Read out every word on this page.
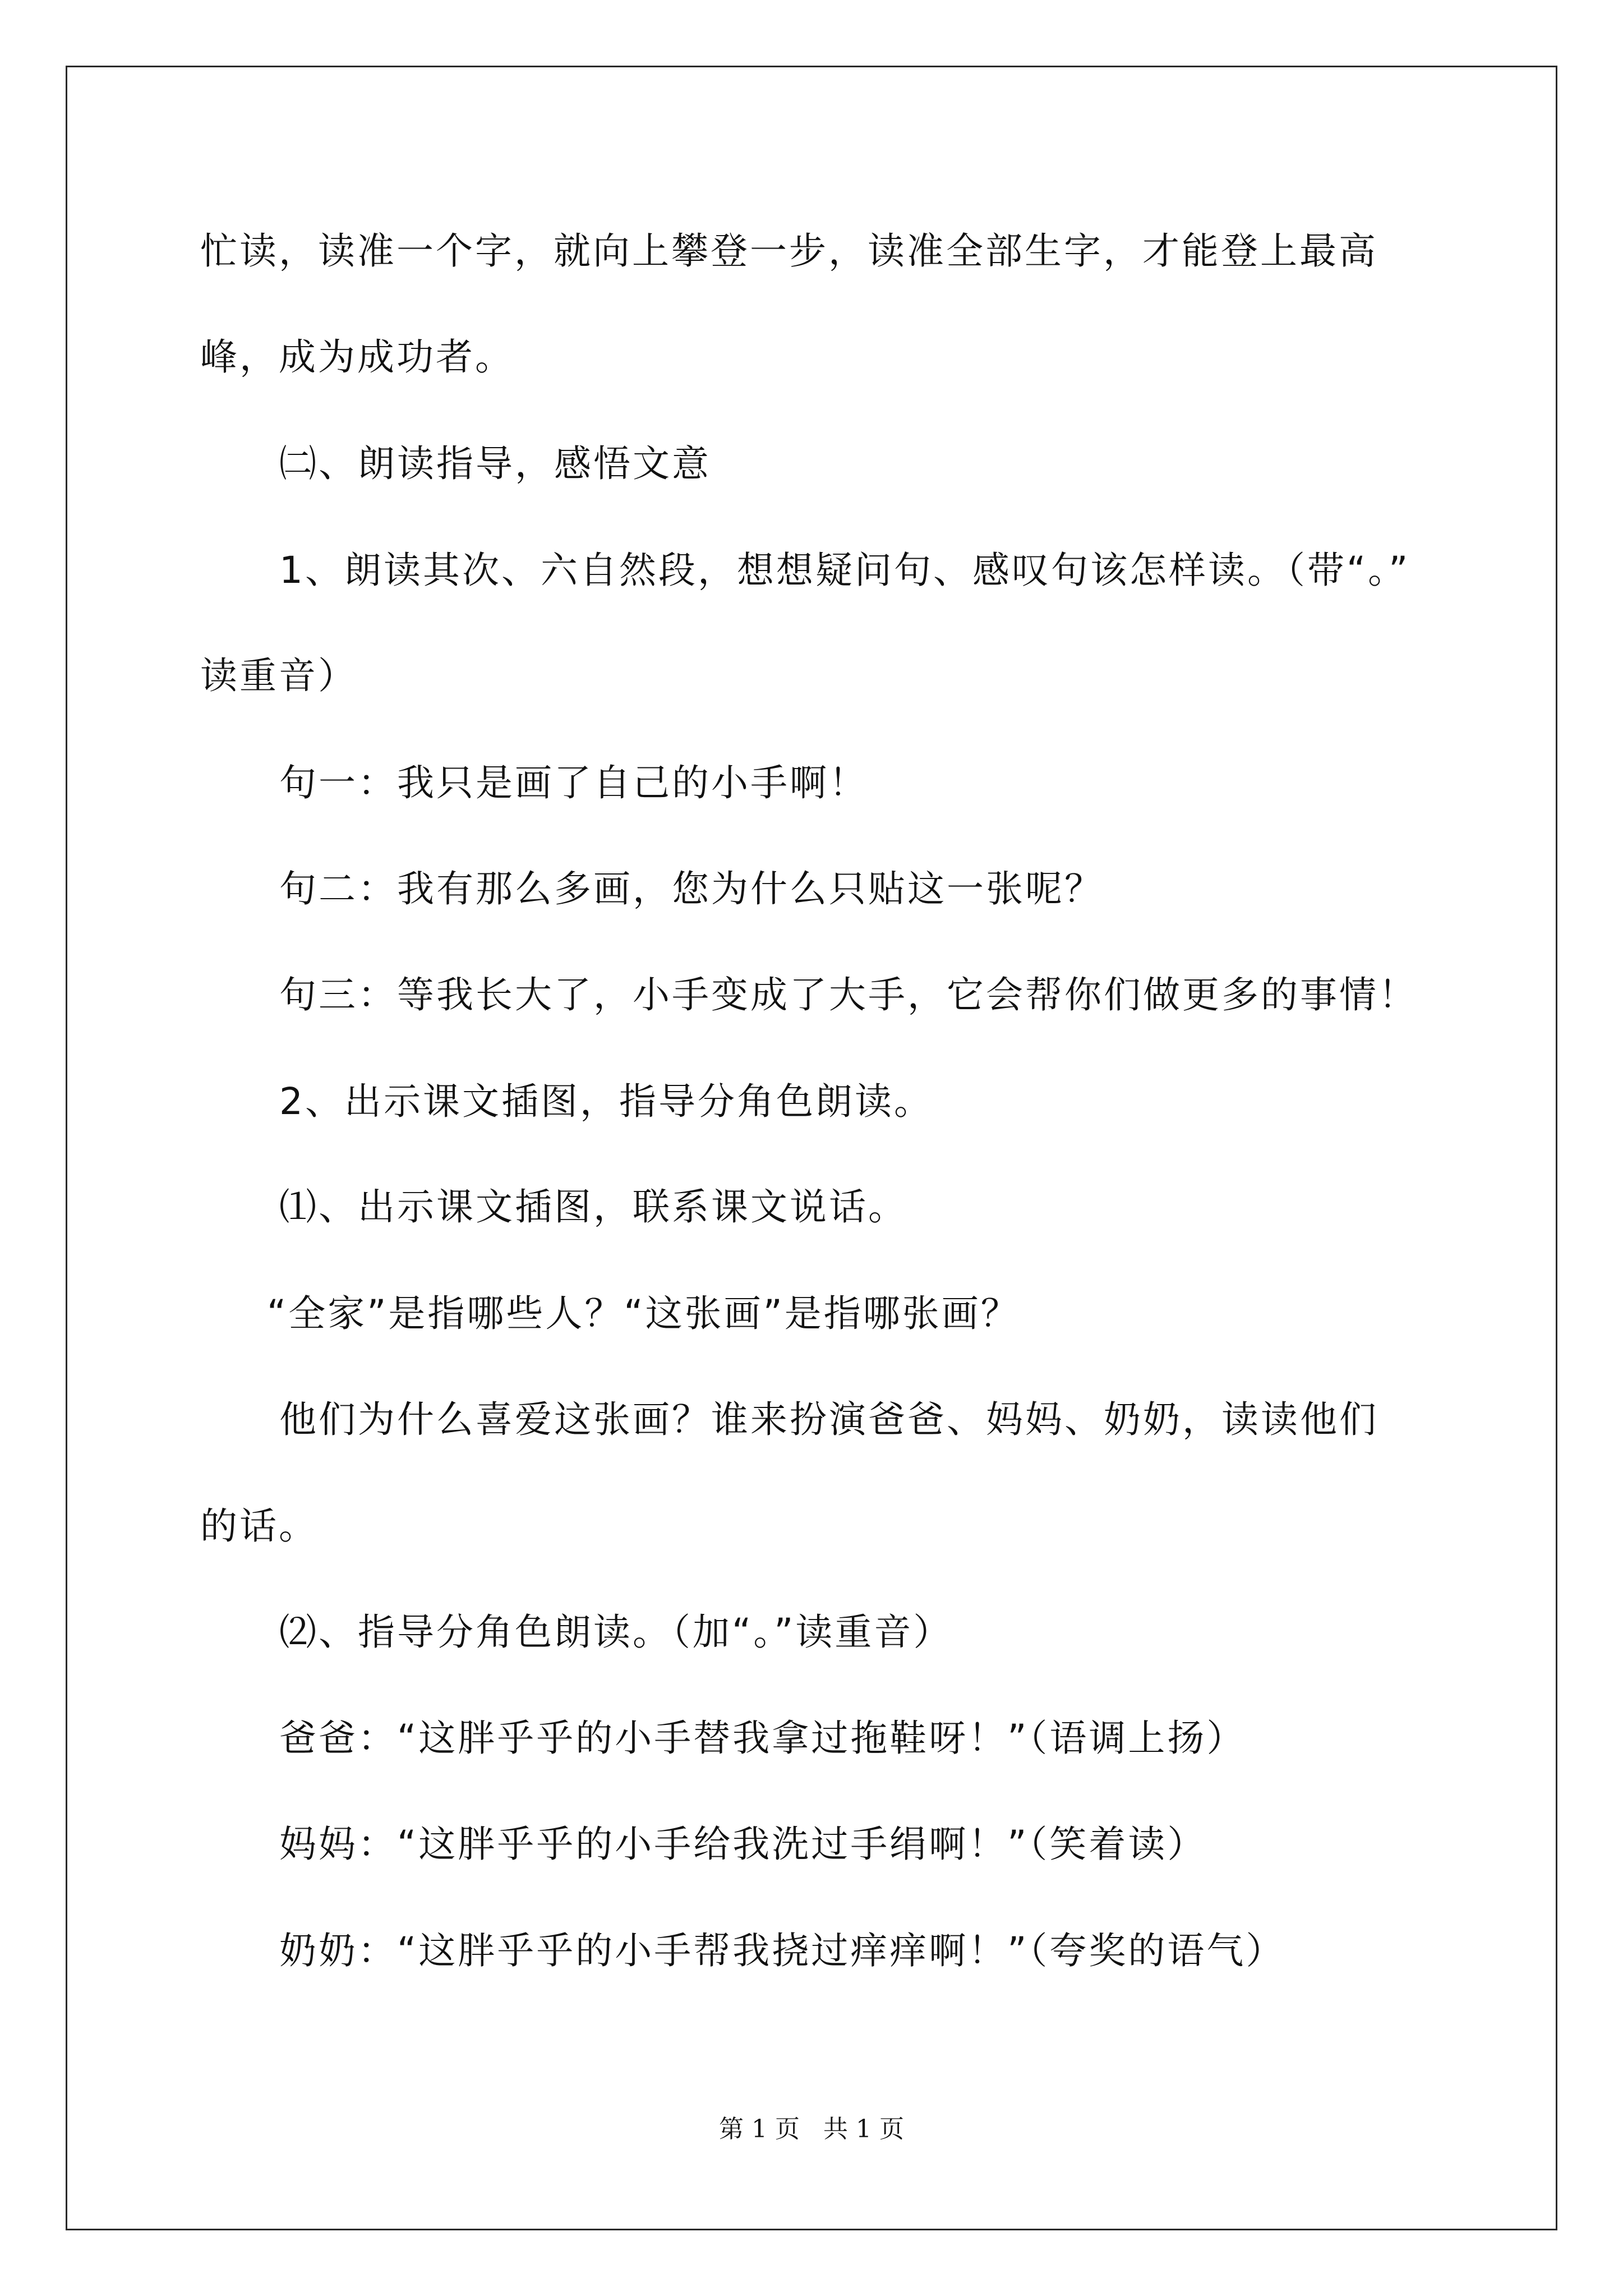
忙读，读准一个字，就向上攀登一步，读准全部生字，才能登上最高
峰，成为成功者。
㈡、朗读指导，感悟文意
1、朗读其次、六自然段，想想疑问句、感叹句该怎样读。（带“。”
读重音）
句一：我只是画了自己的小手啊！
句二：我有那么多画，您为什么只贴这一张呢？
句三：等我长大了，小手变成了大手，它会帮你们做更多的事情！
2、出示课文插图，指导分角色朗读。
⑴、出示课文插图，联系课文说话。
“全家”是指哪些人？“这张画”是指哪张画？
他们为什么喜爱这张画？谁来扮演爸爸、妈妈、奶奶，读读他们
的话。
⑵、指导分角色朗读。（加“。”读重音）
爸爸：“这胖乎乎的小手替我拿过拖鞋呀！”（语调上扬）
妈妈：“这胖乎乎的小手给我洗过手绢啊！”（笑着读）
奶奶：“这胖乎乎的小手帮我挠过痒痒啊！”（夸奖的语气）
第 1 页   共 1 页
